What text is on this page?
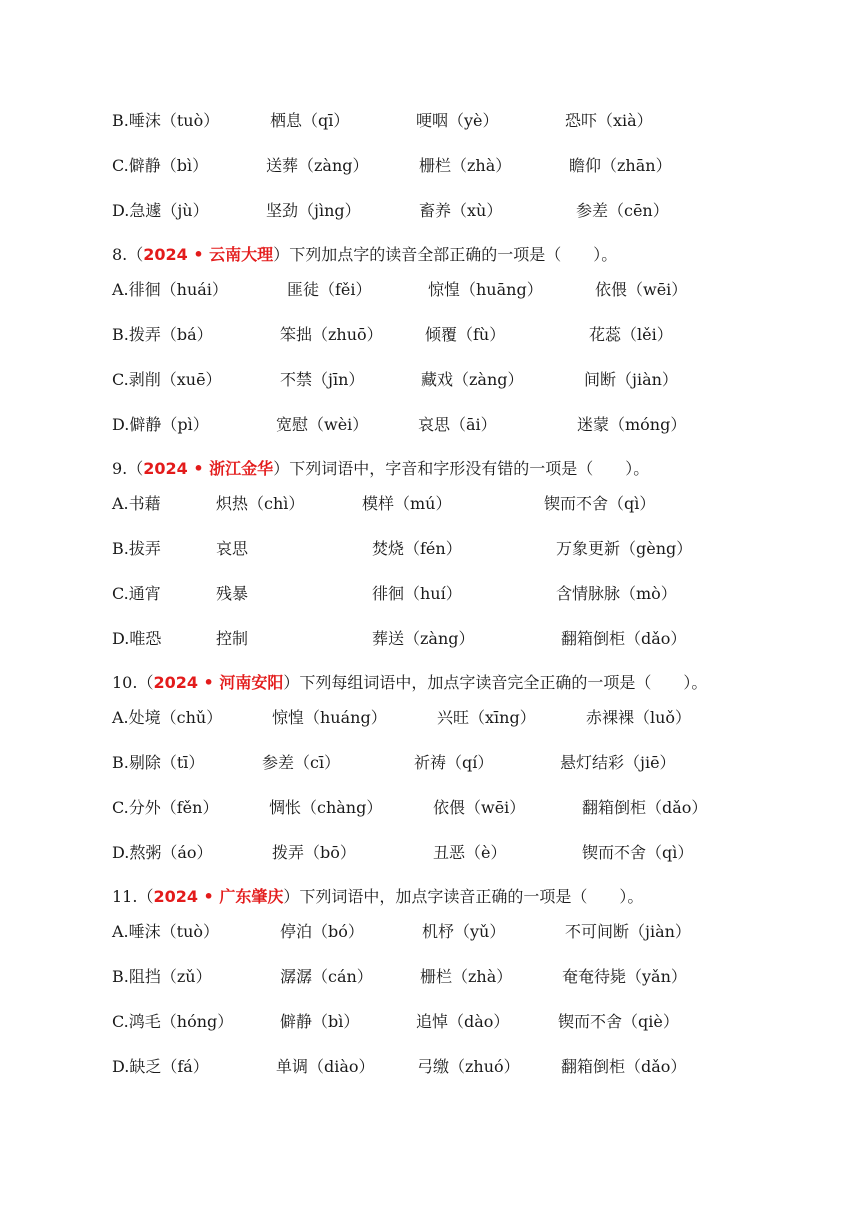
B.唾沫（tuò）	栖息（qī）	哽咽（yè）	恐吓（xià）
C.僻静（bì）	送葬（zàng）	栅栏（zhà）	瞻仰（zhān）
D.急遽（jù）	坚劲（jìng）	畜养（xù）	参差（cēn）
8.（2024 • 云南大理）下列加点字的读音全部正确的一项是（　　）。
A.徘徊（huái）	匪徒（fěi）	惊惶（huāng）	依偎（wēi）
B.拨弄（bá）	笨拙（zhuō）	倾覆（fù）	花蕊（lěi）
C.剥削（xuē）	不禁（jīn）	藏戏（zàng）	间断（jiàn）
D.僻静（pì）	宽慰（wèi）	哀思（āi）	迷蒙（móng）
9.（2024 • 浙江金华）下列词语中，字音和字形没有错的一项是（　　）。
A.书藉	炽热（chì）	模样（mú）	锲而不舍（qì）
B.拔弄	哀思	焚烧（fén）	万象更新（gèng）
C.通宵	残暴	徘徊（huí）	含情脉脉（mò）
D.唯恐	控制	葬送（zàng）	翻箱倒柜（dǎo）
10.（2024 • 河南安阳）下列每组词语中，加点字读音完全正确的一项是（　　）。
A.处境（chǔ）	惊惶（huáng）	兴旺（xīng）	赤裸裸（luǒ）
B.剔除（tī）	参差（cī）	祈祷（qí）	悬灯结彩（jiē）
C.分外（fěn）	惆怅（chàng）	依偎（wēi）	翻箱倒柜（dǎo）
D.熬粥（áo）	拨弄（bō）	丑恶（è）	锲而不舍（qì）
11.（2024 • 广东肇庆）下列词语中，加点字读音正确的一项是（　　）。
A.唾沫（tuò）	停泊（bó）	机杼（yǔ）	不可间断（jiàn）
B.阻挡（zǔ）	潺潺（cán）	栅栏（zhà）	奄奄待毙（yǎn）
C.鸿毛（hóng）	僻静（bì）	追悼（dào）	锲而不舍（qiè）
D.缺乏（fá）	单调（diào）	弓缴（zhuó）	翻箱倒柜（dǎo）
